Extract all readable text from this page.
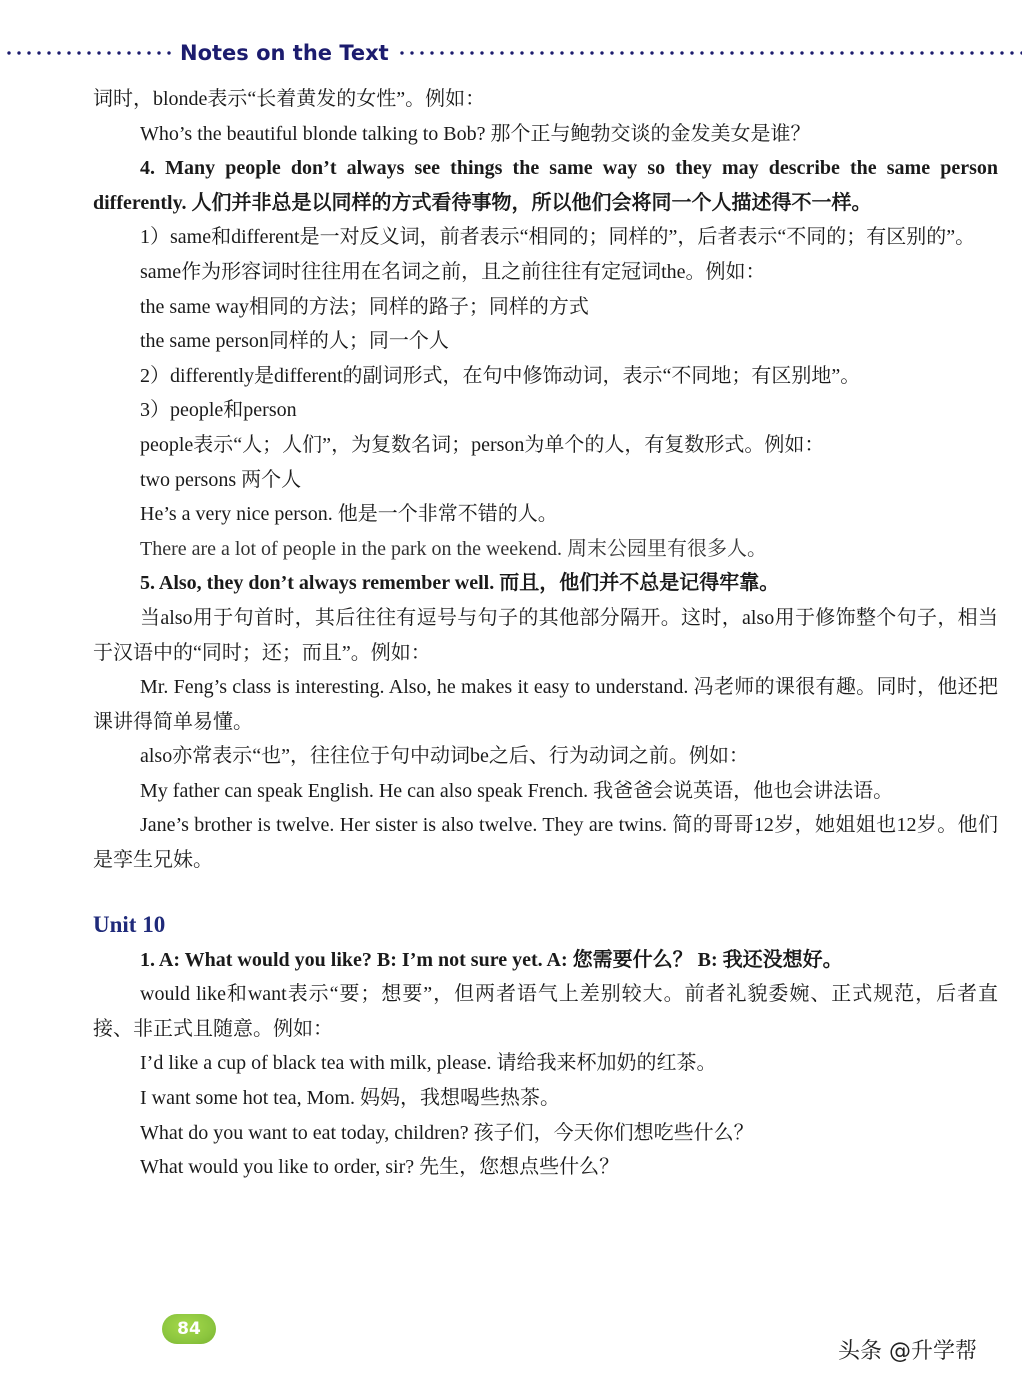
Notes on the Text

词时，blonde表示“长着黄发的女性”。例如：

Who’s the beautiful blonde talking to Bob? 那个正与鲍勃交谈的金发美女是谁？

4. Many people don’t always see things the same way so they may describe the same person differently. 人们并非总是以同样的方式看待事物，所以他们会将同一个人描述得不一样。

1）same和different是一对反义词，前者表示“相同的；同样的”，后者表示“不同的；有区别的”。

same作为形容词时往往用在名词之前，且之前往往有定冠词the。例如：

the same way相同的方法；同样的路子；同样的方式

the same person同样的人；同一个人

2）differently是different的副词形式，在句中修饰动词，表示“不同地；有区别地”。

3）people和person

people表示“人；人们”，为复数名词；person为单个的人，有复数形式。例如：

two persons 两个人

He’s a very nice person. 他是一个非常不错的人。

There are a lot of people in the park on the weekend. 周末公园里有很多人。

5. Also, they don’t always remember well. 而且，他们并不总是记得牢靠。

当also用于句首时，其后往往有逗号与句子的其他部分隔开。这时，also用于修饰整个句子，相当于汉语中的“同时；还；而且”。例如：

Mr. Feng’s class is interesting. Also, he makes it easy to understand. 冯老师的课很有趣。同时，他还把课讲得简单易懂。

also亦常表示“也”，往往位于句中动词be之后、行为动词之前。例如：

My father can speak English. He can also speak French. 我爸爸会说英语，他也会讲法语。

Jane’s brother is twelve. Her sister is also twelve. They are twins. 简的哥哥12岁，她姐姐也12岁。他们是孪生兄妹。

Unit 10

1. A: What would you like? B: I’m not sure yet. A: 您需要什么？ B: 我还没想好。

would like和want表示“要；想要”，但两者语气上差别较大。前者礼貌委婉、正式规范，后者直接、非正式且随意。例如：

I’d like a cup of black tea with milk, please. 请给我来杯加奶的红茶。

I want some hot tea, Mom. 妈妈，我想喝些热茶。

What do you want to eat today, children? 孩子们，今天你们想吃些什么？

What would you like to order, sir? 先生，您想点些什么？

84
头条 @升学帮
